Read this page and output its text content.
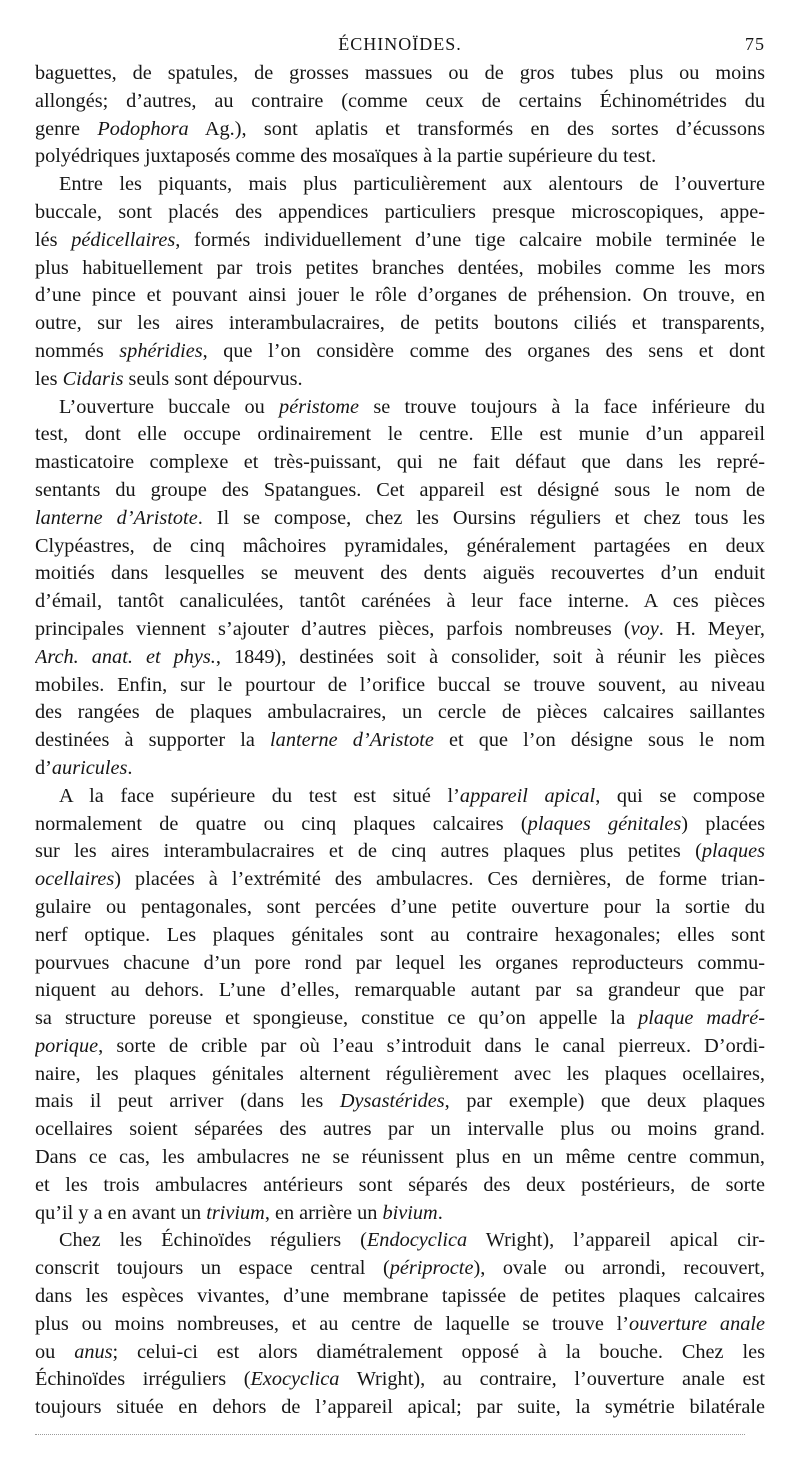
ÉCHINOÏDES.	75
baguettes, de spatules, de grosses massues ou de gros tubes plus ou moins
allongés; d’autres, au contraire (comme ceux de certains Échinométrides du
genre Podophora Ag.), sont aplatis et transformés en des sortes d’écussons
polyédriques juxtaposés comme des mosaïques à la partie supérieure du test.
Entre les piquants, mais plus particulièrement aux alentours de l’ouverture
buccale, sont placés des appendices particuliers presque microscopiques, appe-
lés pédicellaires, formés individuellement d’une tige calcaire mobile terminée le
plus habituellement par trois petites branches dentées, mobiles comme les mors
d’une pince et pouvant ainsi jouer le rôle d’organes de préhension. On trouve, en
outre, sur les aires interambulacraires, de petits boutons ciliés et transparents,
nommés sphéridies, que l’on considère comme des organes des sens et dont
les Cidaris seuls sont dépourvus.
L’ouverture buccale ou péristome se trouve toujours à la face inférieure du
test, dont elle occupe ordinairement le centre. Elle est munie d’un appareil
masticatoire complexe et très-puissant, qui ne fait défaut que dans les repré-
sentants du groupe des Spatangues. Cet appareil est désigné sous le nom de
lanterne d’Aristote. Il se compose, chez les Oursins réguliers et chez tous les
Clypéastres, de cinq mâchoires pyramidales, généralement partagées en deux
moitiés dans lesquelles se meuvent des dents aiguës recouvertes d’un enduit
d’émail, tantôt canaliculées, tantôt carénées à leur face interne. A ces pièces
principales viennent s’ajouter d’autres pièces, parfois nombreuses (voy. H. Meyer,
Arch. anat. et phys., 1849), destinées soit à consolider, soit à réunir les pièces
mobiles. Enfin, sur le pourtour de l’orifice buccal se trouve souvent, au niveau
des rangées de plaques ambulacraires, un cercle de pièces calcaires saillantes
destinées à supporter la lanterne d’Aristote et que l’on désigne sous le nom
d’auricules.
A la face supérieure du test est situé l’appareil apical, qui se compose
normalement de quatre ou cinq plaques calcaires (plaques génitales) placées
sur les aires interambulacraires et de cinq autres plaques plus petites (plaques
ocellaires) placées à l’extrémité des ambulacres. Ces dernières, de forme trian-
gulaire ou pentagonales, sont percées d’une petite ouverture pour la sortie du
nerf optique. Les plaques génitales sont au contraire hexagonales; elles sont
pourvues chacune d’un pore rond par lequel les organes reproducteurs commu-
niquent au dehors. L’une d’elles, remarquable autant par sa grandeur que par
sa structure poreuse et spongieuse, constitue ce qu’on appelle la plaque madré-
porique, sorte de crible par où l’eau s’introduit dans le canal pierreux. D’ordi-
naire, les plaques génitales alternent régulièrement avec les plaques ocellaires,
mais il peut arriver (dans les Dysastérides, par exemple) que deux plaques
ocellaires soient séparées des autres par un intervalle plus ou moins grand.
Dans ce cas, les ambulacres ne se réunissent plus en un même centre commun,
et les trois ambulacres antérieurs sont séparés des deux postérieurs, de sorte
qu’il y a en avant un trivium, en arrière un bivium.
Chez les Échinoïdes réguliers (Endocyclica Wright), l’appareil apical cir-
conscrit toujours un espace central (périprocte), ovale ou arrondi, recouvert,
dans les espèces vivantes, d’une membrane tapissée de petites plaques calcaires
plus ou moins nombreuses, et au centre de laquelle se trouve l’ouverture anale
ou anus; celui-ci est alors diamétralement opposé à la bouche. Chez les
Échinoïdes irréguliers (Exocyclica Wright), au contraire, l’ouverture anale est
toujours située en dehors de l’appareil apical; par suite, la symétrie bilatérale
